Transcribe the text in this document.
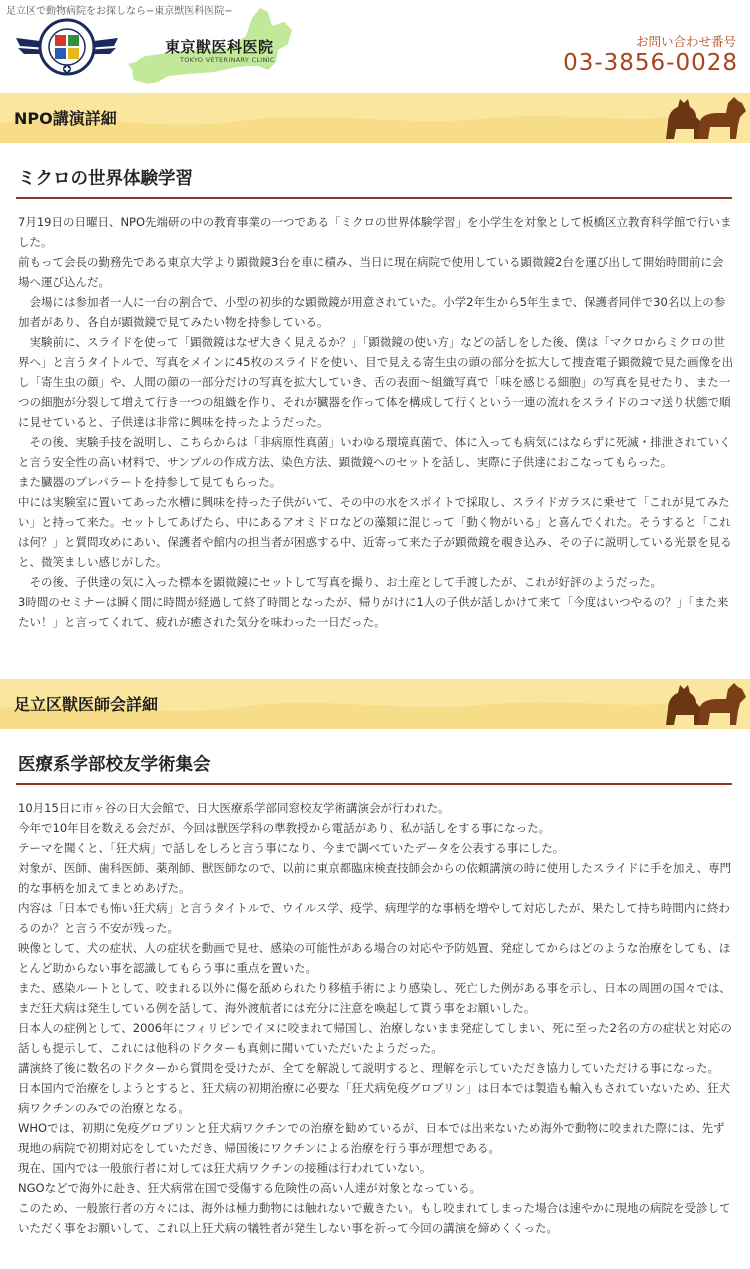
足立区で動物病院をお探しなら−東京獣医科医院−
東京獣医科医院
TOKYO VETERINARY CLINIC
お問い合わせ番号
03-3856-0028
NPO講演詳細
ミクロの世界体験学習

7月19日の日曜日、NPO先端研の中の教育事業の一つである「ミクロの世界体験学習」を小学生を対象として板橋区立教育科学館で行いました。

前もって会長の勤務先である東京大学より顕微鏡3台を車に積み、当日に現在病院で使用している顕微鏡2台を運び出して開始時間前に会場へ運び込んだ。

　会場には参加者一人に一台の割合で、小型の初歩的な顕微鏡が用意されていた。小学2年生から5年生まで、保護者同伴で30名以上の参加者があり、各自が顕微鏡で見てみたい物を持参している。

　実験前に、スライドを使って「顕微鏡はなぜ大きく見えるか？」「顕微鏡の使い方」などの話しをした後、僕は「マクロからミクロの世界へ」と言うタイトルで、写真をメインに45枚のスライドを使い、目で見える寄生虫の頭の部分を拡大して捜査電子顕微鏡で見た画像を出し「寄生虫の顔」や、人間の顔の一部分だけの写真を拡大していき、舌の表面〜組織写真で「味を感じる細胞」の写真を見せたり、また一つの細胞が分裂して増えて行き一つの組織を作り、それが臓器を作って体を構成して行くという一連の流れをスライドのコマ送り状態で順に見せていると、子供達は非常に興味を持ったようだった。

　その後、実験手技を説明し、こちらからは「非病原性真菌」いわゆる環境真菌で、体に入っても病気にはならずに死滅・排泄されていくと言う安全性の高い材料で、サンプルの作成方法、染色方法、顕微鏡へのセットを話し、実際に子供達におこなってもらった。

また臓器のプレパラートを持参して見てもらった。

中には実験室に置いてあった水槽に興味を持った子供がいて、その中の水をスポイトで採取し、スライドガラスに乗せて「これが見てみたい」と持って来た。セットしてあげたら、中にあるアオミドロなどの藻類に混じって「動く物がいる」と喜んでくれた。そうすると「これは何？」と質問攻めにあい、保護者や館内の担当者が困惑する中、近寄って来た子が顕微鏡を覗き込み、その子に説明している光景を見ると、微笑ましい感じがした。

　その後、子供達の気に入った標本を顕微鏡にセットして写真を撮り、お土産として手渡したが、これが好評のようだった。

3時間のセミナーは瞬く間に時間が経過して終了時間となったが、帰りがけに1人の子供が話しかけて来て「今度はいつやるの？」「また来たい！」と言ってくれて、疲れが癒された気分を味わった一日だった。

足立区獣医師会詳細
医療系学部校友学術集会

10月15日に市ヶ谷の日大会館で、日大医療系学部同窓校友学術講演会が行われた。

今年で10年目を数える会だが、今回は獣医学科の準教授から電話があり、私が話しをする事になった。

テーマを聞くと、「狂犬病」で話しをしろと言う事になり、今まで調べていたデータを公表する事にした。

対象が、医師、歯科医師、薬剤師、獣医師なので、以前に東京都臨床検査技師会からの依頼講演の時に使用したスライドに手を加え、専門的な事柄を加えてまとめあげた。

内容は「日本でも怖い狂犬病」と言うタイトルで、ウイルス学、疫学、病理学的な事柄を増やして対応したが、果たして持ち時間内に終わるのか？と言う不安が残った。

映像として、犬の症状、人の症状を動画で見せ、感染の可能性がある場合の対応や予防処置、発症してからはどのような治療をしても、ほとんど助からない事を認識してもらう事に重点を置いた。

また、感染ルートとして、咬まれる以外に傷を舐められたり移植手術により感染し、死亡した例がある事を示し、日本の周囲の国々では、まだ狂犬病は発生している例を話して、海外渡航者には充分に注意を喚起して貰う事をお願いした。

日本人の症例として、2006年にフィリピンでイヌに咬まれて帰国し、治療しないまま発症してしまい、死に至った2名の方の症状と対応の話しも提示して、これには他科のドクターも真剣に聞いていただいたようだった。

講演終了後に数名のドクターから質問を受けたが、全てを解説して説明すると、理解を示していただき協力していただける事になった。

日本国内で治療をしようとすると、狂犬病の初期治療に必要な「狂犬病免疫グロブリン」は日本では製造も輸入もされていないため、狂犬病ワクチンのみでの治療となる。

WHOでは、初期に免疫グロブリンと狂犬病ワクチンでの治療を勧めているが、日本では出来ないため海外で動物に咬まれた際には、先ず現地の病院で初期対応をしていただき、帰国後にワクチンによる治療を行う事が理想である。

現在、国内では一般旅行者に対しては狂犬病ワクチンの接種は行われていない。

NGOなどで海外に赴き、狂犬病常在国で受傷する危険性の高い人達が対象となっている。

このため、一般旅行者の方々には、海外は極力動物には触れないで戴きたい。もし咬まれてしまった場合は速やかに現地の病院を受診していただく事をお願いして、これ以上狂犬病の犠牲者が発生しない事を祈って今回の講演を締めくくった。
